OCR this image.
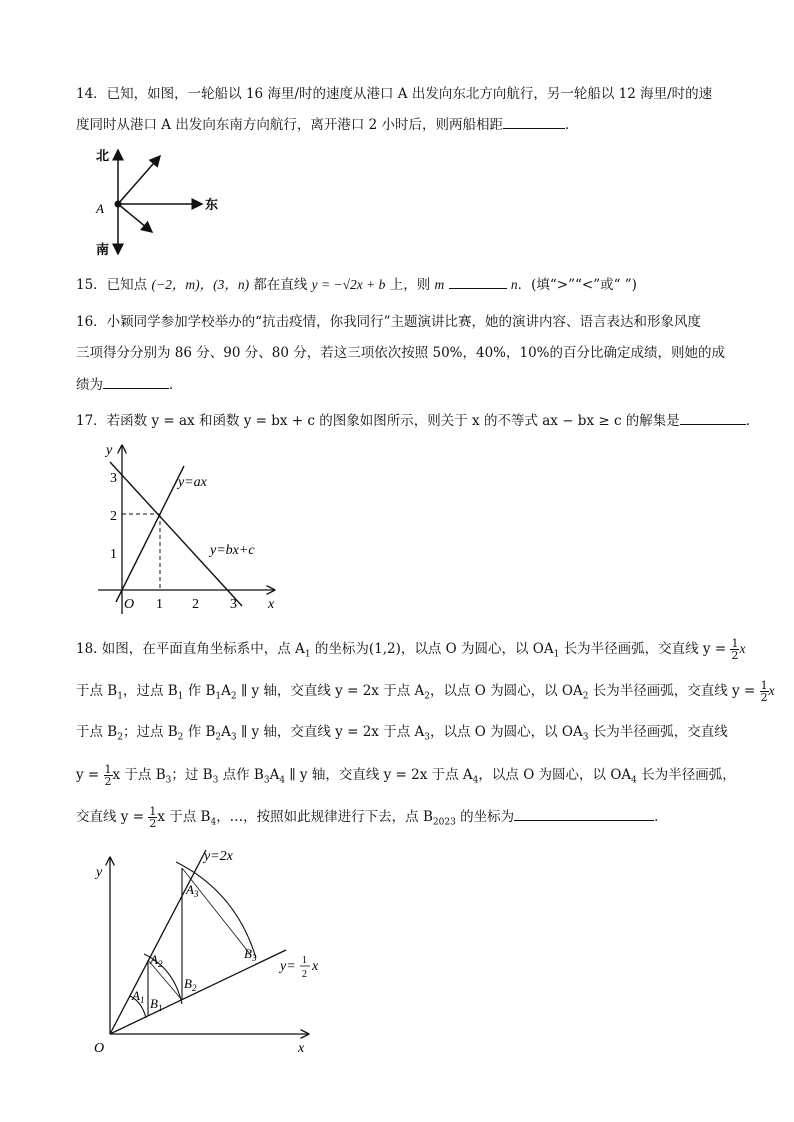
14．已知，如图，一轮船以 16 海里/时的速度从港口 A 出发向东北方向航行，另一轮船以 12 海里/时的速
度同时从港口 A 出发向东南方向航行，离开港口 2 小时后，则两船相距	．
北
南
东
A
15．已知点 (−2，m)，(3，n) 都在直线 y = −√2x + b 上，则 m	n．(填“>”“<”或“ ”)
16．小颖同学参加学校举办的“抗击疫情，你我同行”主题演讲比赛，她的演讲内容、语言表达和形象风度
三项得分分别为 86 分、90 分、80 分，若这三项依次按照 50%，40%，10%的百分比确定成绩，则她的成
绩为	．
17．若函数 y = ax 和函数 y = bx + c 的图象如图所示，则关于 x 的不等式 ax − bx ≥ c 的解集是	．
y
x
O 1 2 3
1
2
3	y=ax
y=bx+c
18. 如图，在平面直角坐标系中，点 $A_1$ 的坐标为(1,2)，以点 O 为圆心，以 $OA_1$ 长为半径画弧，交直线 $y = \frac{1}{2}$ x
于点 $B_1$，过点 $B_1$ 作 $B_1A_2$ ∥ y 轴，交直线 y = 2x 于点 $A_2$，以点 O 为圆心，以 $OA_2$ 长为半径画弧，交直线 $y = \frac{1}{2}$ x
于点 $B_2$；过点 $B_2$ 作 $B_2A_3$ ∥ y 轴，交直线 y = 2x 于点 $A_3$，以点 O 为圆心，以 $OA_3$ 长为半径画弧，交直线
$y = \frac{1}{2}$ x 于点 $B_3$；过 $B_3$ 点作 $B_3A_4$ ∥ y 轴，交直线 y = 2x 于点 $A_4$，以点 O 为圆心，以 $OA_4$ 长为半径画弧，
交直线 $y = \frac{1}{2}$ x 于点 $B_4$，…，按照如此规律进行下去，点 $B_{2023}$ 的坐标为	．
y=2x
y= 1
2
x
y
x
O
$A_1$ $B_1$
$A_2$
$B_2$
$A_3$
$B_3$
